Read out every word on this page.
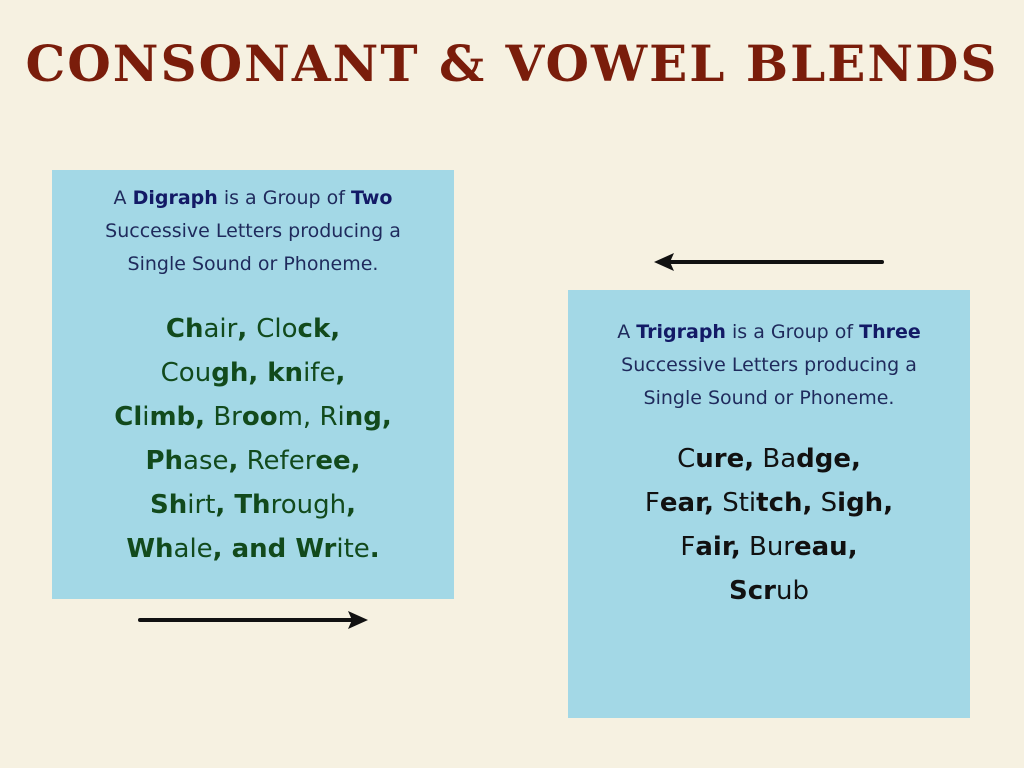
CONSONANT & VOWEL BLENDS

A Digraph is a Group of Two
Successive Letters producing a
Single Sound or Phoneme.

Chair, Clock,
Cough, knife,
Climb, Broom, Ring,
Phase, Referee,
Shirt, Through,
Whale, and Write.

A Trigraph is a Group of Three
Successive Letters producing a
Single Sound or Phoneme.

Cure, Badge,
Fear, Stitch, Sigh,
Fair, Bureau,
Scrub
